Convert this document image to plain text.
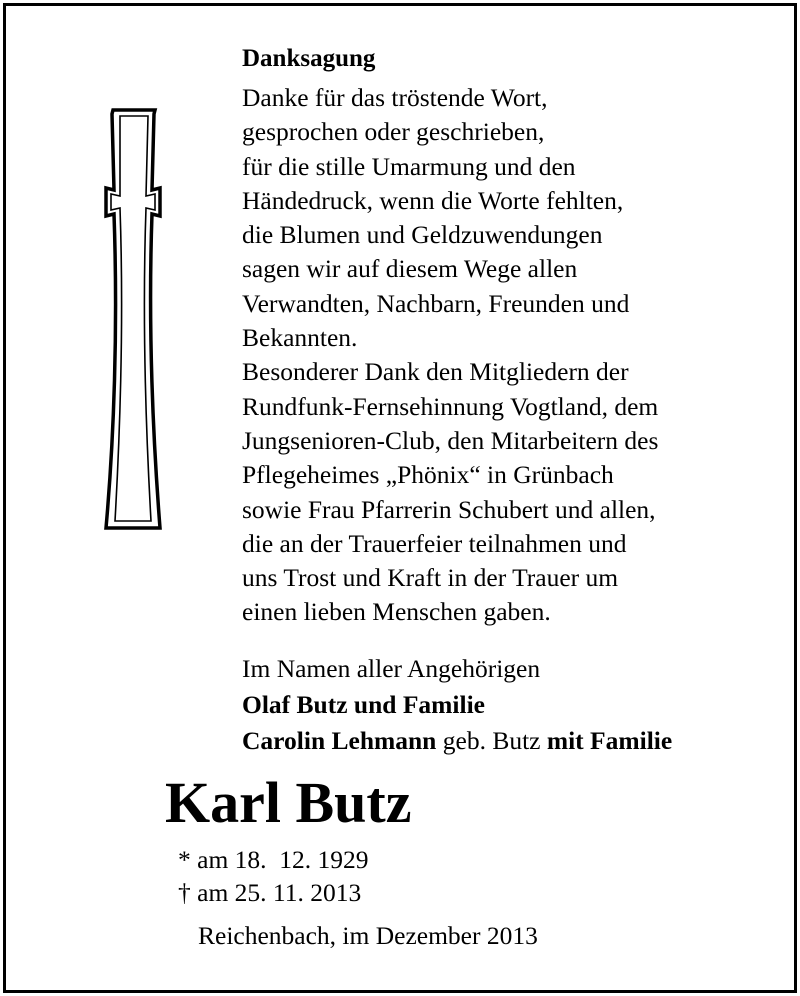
Danksagung
Danke für das tröstende Wort,
gesprochen oder geschrieben,
für die stille Umarmung und den
Händedruck, wenn die Worte fehlten,
die Blumen und Geldzuwendungen
sagen wir auf diesem Wege allen
Verwandten, Nachbarn, Freunden und
Bekannten.
Besonderer Dank den Mitgliedern der
Rundfunk-Fernsehinnung Vogtland, dem
Jungsenioren-Club, den Mitarbeitern des
Pflegeheimes „Phönix“ in Grünbach
sowie Frau Pfarrerin Schubert und allen,
die an der Trauerfeier teilnahmen und
uns Trost und Kraft in der Trauer um
einen lieben Menschen gaben.
Im Namen aller Angehörigen
Olaf Butz und Familie
Carolin Lehmann geb. Butz mit Familie
Karl Butz
* am 18.  12. 1929
† am 25. 11. 2013
Reichenbach, im Dezember 2013
